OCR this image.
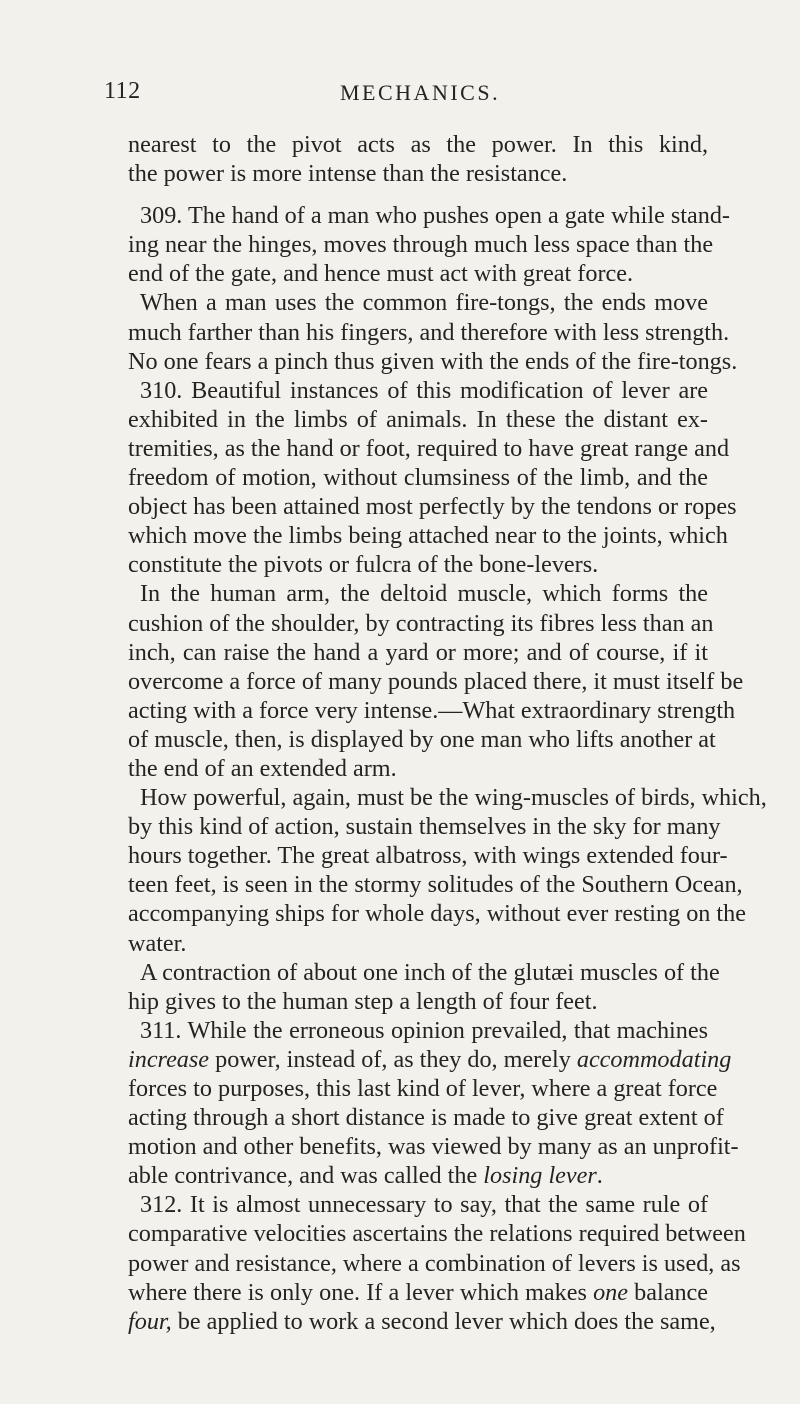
112	MECHANICS.
nearest to the pivot acts as the power. In this kind,
the power is more intense than the resistance.
309. The hand of a man who pushes open a gate while stand-
ing near the hinges, moves through much less space than the
end of the gate, and hence must act with great force.
When a man uses the common fire-tongs, the ends move
much farther than his fingers, and therefore with less strength.
No one fears a pinch thus given with the ends of the fire-tongs.
310. Beautiful instances of this modification of lever are
exhibited in the limbs of animals. In these the distant ex-
tremities, as the hand or foot, required to have great range and
freedom of motion, without clumsiness of the limb, and the
object has been attained most perfectly by the tendons or ropes
which move the limbs being attached near to the joints, which
constitute the pivots or fulcra of the bone-levers.
In the human arm, the deltoid muscle, which forms the
cushion of the shoulder, by contracting its fibres less than an
inch, can raise the hand a yard or more; and of course, if it
overcome a force of many pounds placed there, it must itself be
acting with a force very intense.—What extraordinary strength
of muscle, then, is displayed by one man who lifts another at
the end of an extended arm.
How powerful, again, must be the wing-muscles of birds, which,
by this kind of action, sustain themselves in the sky for many
hours together. The great albatross, with wings extended four-
teen feet, is seen in the stormy solitudes of the Southern Ocean,
accompanying ships for whole days, without ever resting on the
water.
A contraction of about one inch of the glutæi muscles of the
hip gives to the human step a length of four feet.
311. While the erroneous opinion prevailed, that machines
increase power, instead of, as they do, merely accommodating
forces to purposes, this last kind of lever, where a great force
acting through a short distance is made to give great extent of
motion and other benefits, was viewed by many as an unprofit-
able contrivance, and was called the losing lever.
312. It is almost unnecessary to say, that the same rule of
comparative velocities ascertains the relations required between
power and resistance, where a combination of levers is used, as
where there is only one. If a lever which makes one balance
four, be applied to work a second lever which does the same,
